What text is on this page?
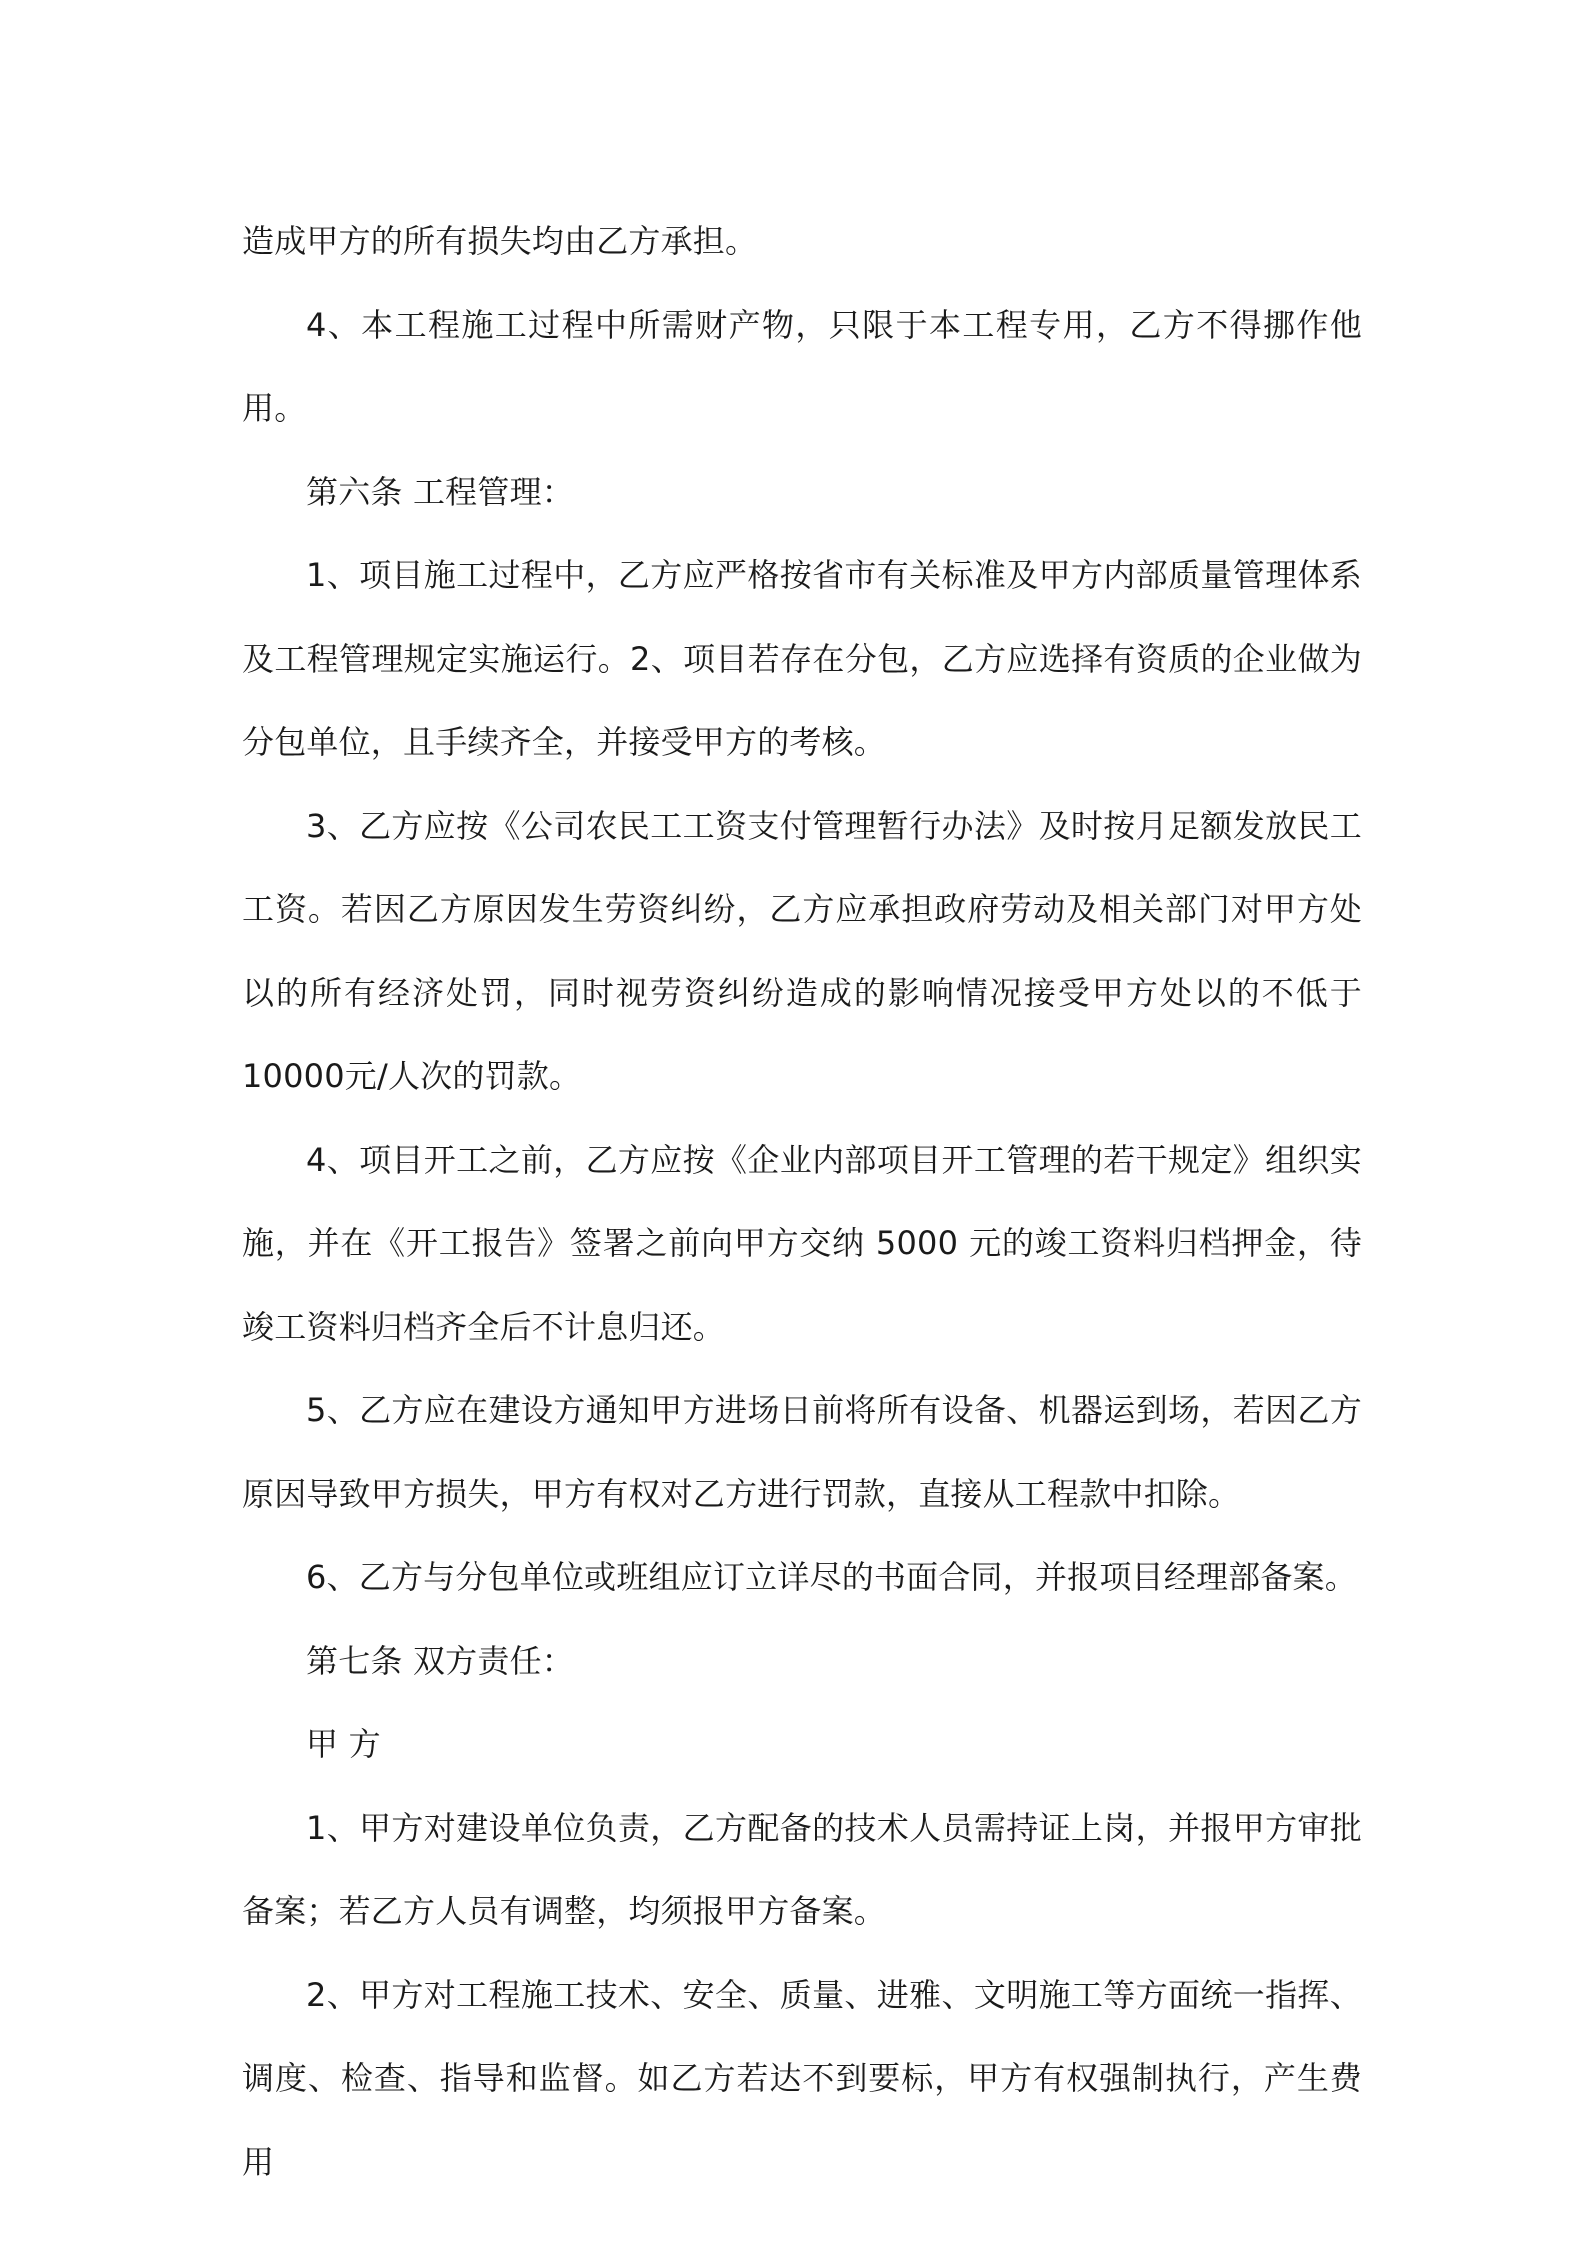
造成甲方的所有损失均由乙方承担。

4、本工程施工过程中所需财产物，只限于本工程专用，乙方不得挪作他用。

第六条 工程管理：

1、项目施工过程中，乙方应严格按省市有关标准及甲方内部质量管理体系及工程管理规定实施运行。2、项目若存在分包，乙方应选择有资质的企业做为分包单位，且手续齐全，并接受甲方的考核。

3、乙方应按《公司农民工工资支付管理暂行办法》及时按月足额发放民工工资。若因乙方原因发生劳资纠纷，乙方应承担政府劳动及相关部门对甲方处以的所有经济处罚，同时视劳资纠纷造成的影响情况接受甲方处以的不低于10000元/人次的罚款。

4、项目开工之前，乙方应按《企业内部项目开工管理的若干规定》组织实施，并在《开工报告》签署之前向甲方交纳 5000 元的竣工资料归档押金，待竣工资料归档齐全后不计息归还。

5、乙方应在建设方通知甲方进场日前将所有设备、机器运到场，若因乙方原因导致甲方损失，甲方有权对乙方进行罚款，直接从工程款中扣除。

6、乙方与分包单位或班组应订立详尽的书面合同，并报项目经理部备案。

第七条 双方责任：

甲 方

1、甲方对建设单位负责，乙方配备的技术人员需持证上岗，并报甲方审批备案；若乙方人员有调整，均须报甲方备案。

2、甲方对工程施工技术、安全、质量、进雅、文明施工等方面统一指挥、调度、检查、指导和监督。如乙方若达不到要标，甲方有权强制执行，产生费用
